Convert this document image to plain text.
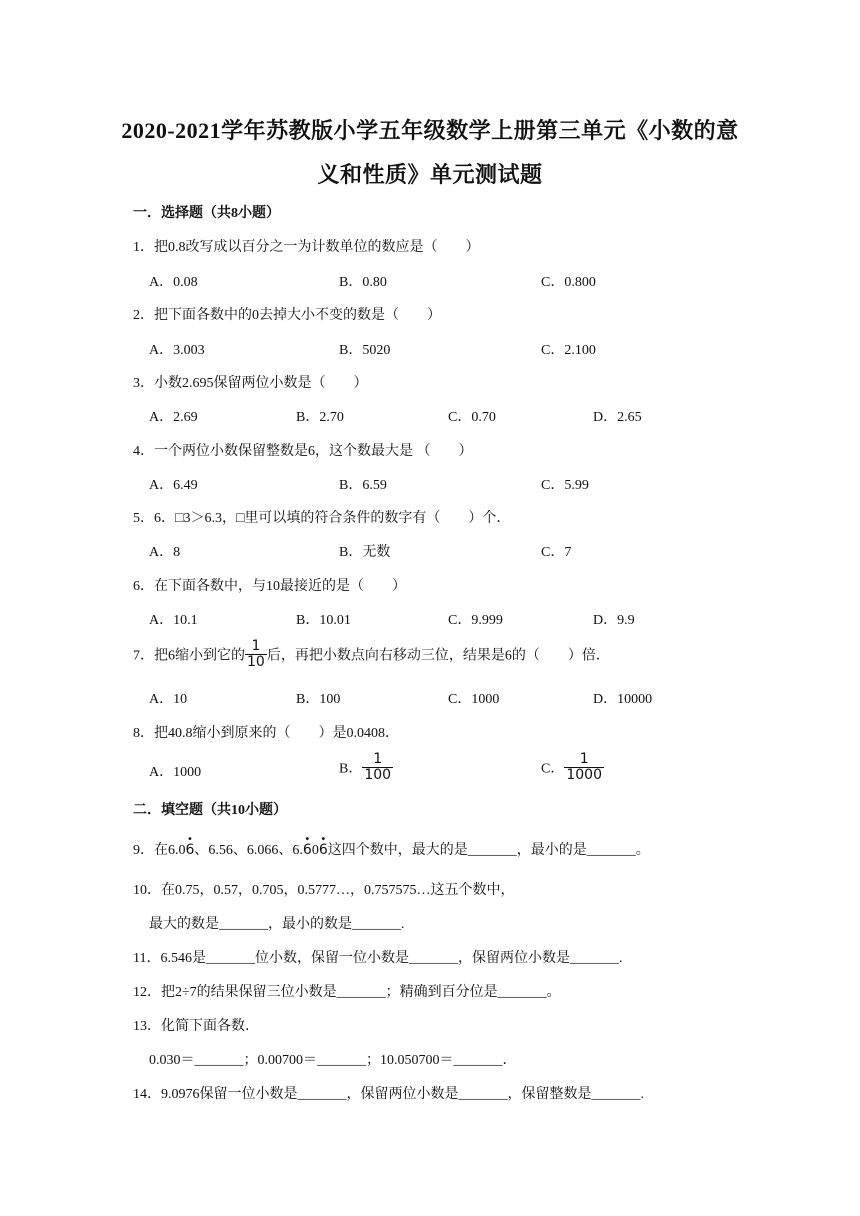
2020-2021学年苏教版小学五年级数学上册第三单元《小数的意
义和性质》单元测试题
一．选择题（共8小题）
1．把0.8改写成以百分之一为计数单位的数应是（　　）
A．0.08	B．0.80	C．0.800
2．把下面各数中的0去掉大小不变的数是（　　）
A．3.003	B．5020	C．2.100
3．小数2.695保留两位小数是（　　）
A．2.69	B．2.70	C．0.70	D．2.65
4．一个两位小数保留整数是6，这个数最大是 （　　）
A．6.49	B．6.59	C．5.99
5．6．□3＞6.3，□里可以填的符合条件的数字有（　　）个．
A．8	B．无数	C．7
6．在下面各数中，与10最接近的是（　　）
A．10.1	B．10.01	C．9.999	D．9.9
7．把6缩小到它的 $\frac{1}{10}$ 后，再把小数点向右移动三位，结果是6的（　　）倍．
A．10	B．100	C．1000	D．10000
8．把40.8缩小到原来的（　　）是0.0408．
A．1000	B． $\frac{1}{100}$	C． $\frac{1}{1000}$
二．填空题（共10小题）
9．在6.0
•
6、6.56、6.066、6.
•
60
•
6这四个数中，最大的是_______，最小的是_______。
10．在0.75，0.57，0.705，0.5777…，0.757575…这五个数中，
最大的数是_______，最小的数是_______.
11．6.546是_______位小数，保留一位小数是_______，保留两位小数是_______.
12．把2÷7的结果保留三位小数是_______；精确到百分位是_______。
13．化简下面各数．
0.030＝_______；0.00700＝_______；10.050700＝_______．
14．9.0976保留一位小数是_______，保留两位小数是_______，保留整数是_______.
